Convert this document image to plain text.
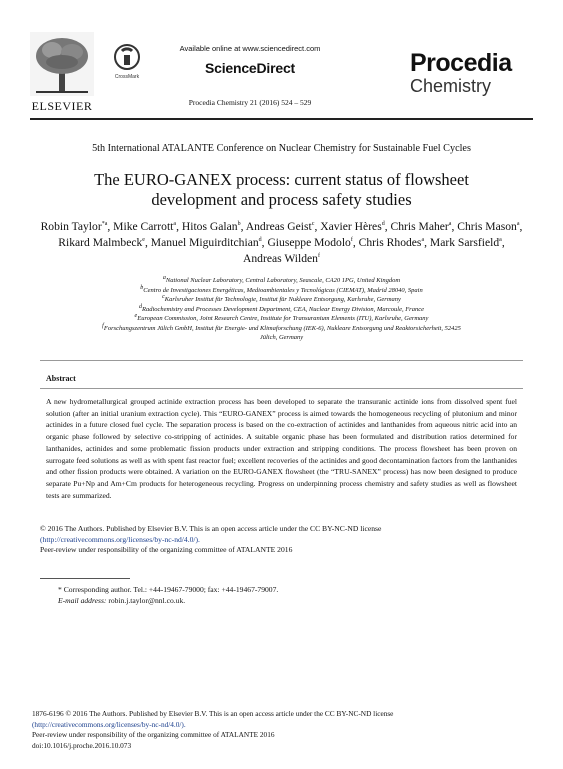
ELSEVIER
CrossMark
Available online at www.sciencedirect.com
ScienceDirect
Procedia Chemistry 21 (2016) 524 – 529
Procedia
Chemistry
5th International ATALANTE Conference on Nuclear Chemistry for Sustainable Fuel Cycles
The EURO-GANEX process: current status of flowsheet
development and process safety studies
Robin Taylor$^{*a}$, Mike Carrott$^a$, Hitos Galan$^b$, Andreas Geist$^c$, Xavier Hères$^d$, Chris Maher$^a$, Chris Mason$^a$, Rikard Malmbeck$^e$, Manuel Miguirditchian$^d$, Giuseppe Modolo$^f$, Chris Rhodes$^a$, Mark Sarsfield$^a$, Andreas Wilden$^f$
$^a$National Nuclear Laboratory, Central Laboratory, Seascale, CA20 1PG, United Kingdom
$^b$Centro de Investigaciones Energéticas, Medioambientales y Tecnológicas (CIEMAT), Madrid 28040, Spain
$^c$Karlsruher Institut für Technologie, Institut für Nukleare Entsorgung, Karlsruhe, Germany
$^d$Radiochemistry and Processes Development Department, CEA, Nuclear Energy Division, Marcoule, France
$^e$European Commission, Joint Research Centre, Institute for Transuranium Elements (ITU), Karlsruhe, Germany
$^f$Forschungszentrum Jülich GmbH, Institut für Energie- und Klimaforschung (IEK-6), Nukleare Entsorgung und Reaktorsicherheit, 52425
Jülich, Germany
Abstract
A new hydrometallurgical grouped actinide extraction process has been developed to separate the transuranic actinide ions from dissolved spent fuel solution (after an initial uranium extraction cycle). This “EURO-GANEX” process is aimed towards the homogeneous recycling of plutonium and minor actinides in a future closed fuel cycle. The separation process is based on the co-extraction of actinides and lanthanides from aqueous nitric acid into an organic phase followed by selective co-stripping of actinides. A suitable organic phase has been formulated and distribution ratios determined for lanthanides, actinides and some problematic fission products under extraction and stripping conditions. The process flowsheet has been proven on surrogate feed solutions as well as with spent fast reactor fuel; excellent recoveries of the actinides and good decontamination factors from the lanthanides and other fission products were obtained. A variation on the EURO-GANEX flowsheet (the “TRU-SANEX” process) has now been designed to produce separate Pu+Np and Am+Cm products for heterogeneous recycling. Progress on underpinning process chemistry and safety studies as well as flowsheet tests are summarized.
© 2016 The Authors. Published by Elsevier B.V. This is an open access article under the CC BY-NC-ND license
(http://creativecommons.org/licenses/by-nc-nd/4.0/).
Peer-review under responsibility of the organizing committee of ATALANTE 2016
* Corresponding author. Tel.: +44-19467-79000; fax: +44-19467-79007.
E-mail address: robin.j.taylor@nnl.co.uk.
1876-6196 © 2016 The Authors. Published by Elsevier B.V. This is an open access article under the CC BY-NC-ND license
(http://creativecommons.org/licenses/by-nc-nd/4.0/).
Peer-review under responsibility of the organizing committee of ATALANTE 2016
doi:10.1016/j.proche.2016.10.073
